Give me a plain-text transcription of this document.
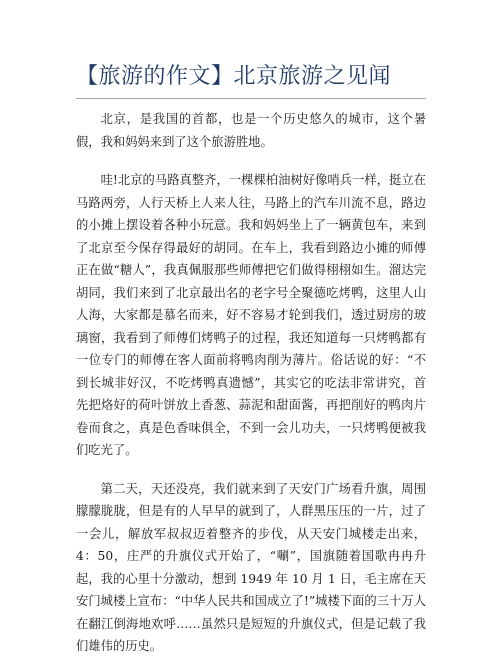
【旅游的作文】北京旅游之见闻

北京，是我国的首都，也是一个历史悠久的城市，这个暑假，我和妈妈来到了这个旅游胜地。

哇!北京的马路真整齐，一棵棵柏油树好像哨兵一样，挺立在马路两旁，人行天桥上人来人往，马路上的汽车川流不息，路边的小摊上摆设着各种小玩意。我和妈妈坐上了一辆黄包车，来到了北京至今保存得最好的胡同。在车上，我看到路边小摊的师傅正在做“糖人”，我真佩服那些师傅把它们做得栩栩如生。溜达完胡同，我们来到了北京最出名的老字号全聚德吃烤鸭，这里人山人海，大家都是慕名而来，好不容易才轮到我们，透过厨房的玻璃窗，我看到了师傅们烤鸭子的过程，我还知道每一只烤鸭都有一位专门的师傅在客人面前将鸭肉削为薄片。俗话说的好：“不到长城非好汉，不吃烤鸭真遗憾”，其实它的吃法非常讲究，首先把烙好的荷叶饼放上香葱、蒜泥和甜面酱，再把削好的鸭肉片卷而食之，真是色香味俱全，不到一会儿功夫，一只烤鸭便被我们吃光了。

第二天，天还没亮，我们就来到了天安门广场看升旗，周围朦朦胧胧，但是有的人早早的就到了，人群黑压压的一片，过了一会儿，解放军叔叔迈着整齐的步伐，从天安门城楼走出来，4：50，庄严的升旗仪式开始了，“唰”，国旗随着国歌冉冉升起，我的心里十分激动，想到 1949 年 10 月 1 日，毛主席在天安门城楼上宣布：“中华人民共和国成立了!”城楼下面的三十万人在翻江倒海地欢呼……虽然只是短短的升旗仪式，但是记载了我们雄伟的历史。
